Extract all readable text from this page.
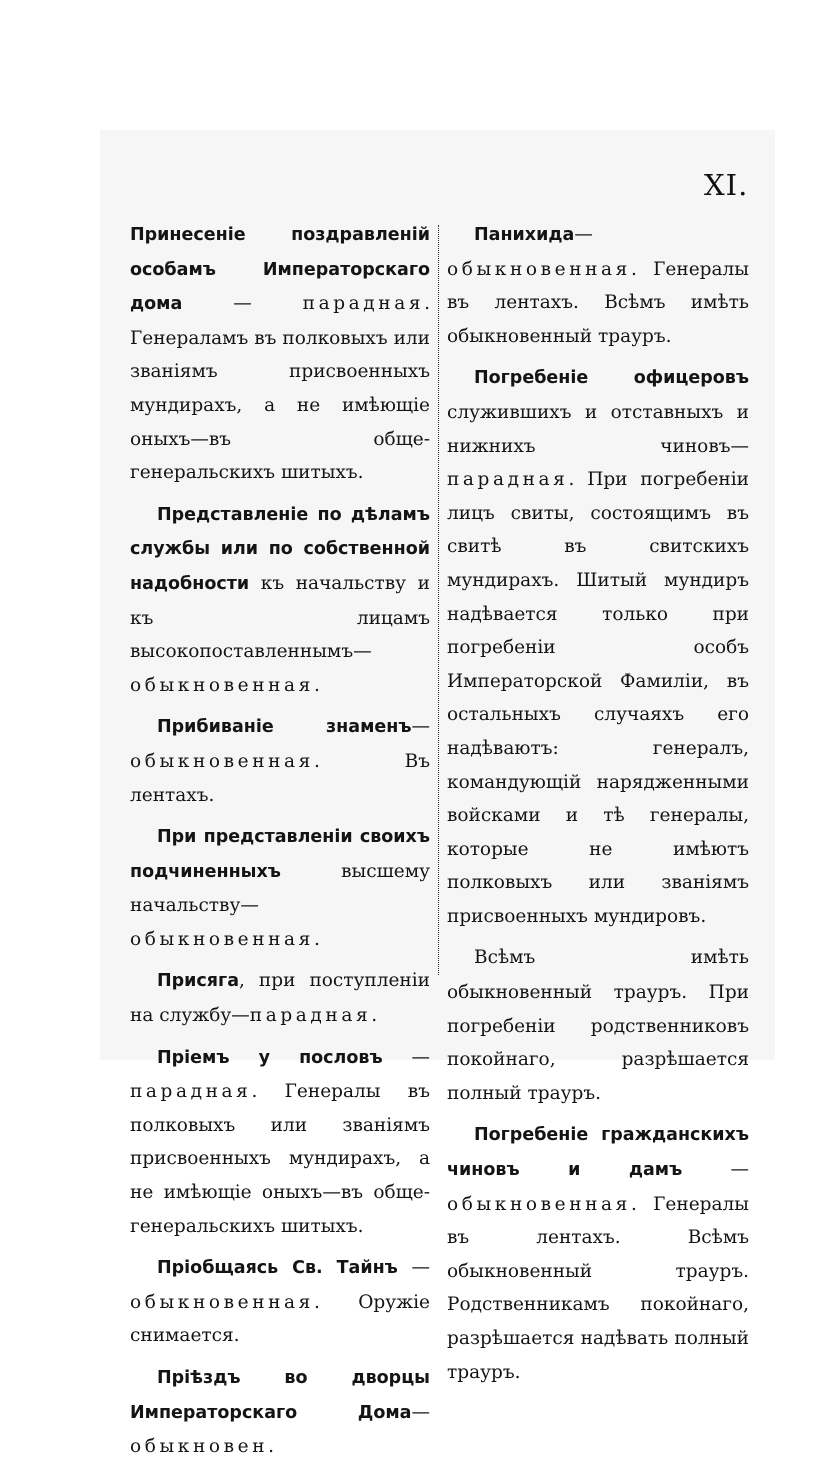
XI.

Принесеніе поздравленій особамъ Императорскаго дома — парадная. Генераламъ въ полковыхъ или званіямъ присвоенныхъ мундирахъ, а не имѣющіе оныхъ—въ обще-генеральскихъ шитыхъ.

Представленіе по дѣламъ службы или по собственной надобности къ начальству и къ лицамъ высокопоставленнымъ—обыкновенная.

Прибиваніе знаменъ—обыкновенная. Въ лентахъ.

При представленіи своихъ подчиненныхъ высшему начальству—обыкновенная.

Присяга, при поступленіи на службу—парадная.

Пріемъ у пословъ — парадная. Генералы въ полковыхъ или званіямъ присвоенныхъ мундирахъ, а не имѣющіе оныхъ—въ обще-генеральскихъ шитыхъ.

Пріобщаясь Св. Тайнъ — обыкновенная. Оружіе снимается.

Пріѣздъ во дворцы Императорскаго Дома—обыкновен.

Панихида—обыкновенная. Генералы въ лентахъ. Всѣмъ имѣть обыкновенный трауръ.

Погребеніе офицеровъ служившихъ и отставныхъ и нижнихъ чиновъ—парадная. При погребеніи лицъ свиты, состоящимъ въ свитѣ въ свитскихъ мундирахъ. Шитый мундиръ надѣвается только при погребеніи особъ Императорской Фамиліи, въ остальныхъ случаяхъ его надѣваютъ: генералъ, командующій нарядженными войсками и тѣ генералы, которые не имѣютъ полковыхъ или званіямъ присвоенныхъ мундировъ.

Всѣмъ имѣть обыкновенный трауръ. При погребеніи родственниковъ покойнаго, разрѣшается полный трауръ.

Погребеніе гражданскихъ чиновъ и дамъ — обыкновенная. Генералы въ лентахъ. Всѣмъ обыкновенный трауръ. Родственникамъ покойнаго, разрѣшается надѣвать полный трауръ.
